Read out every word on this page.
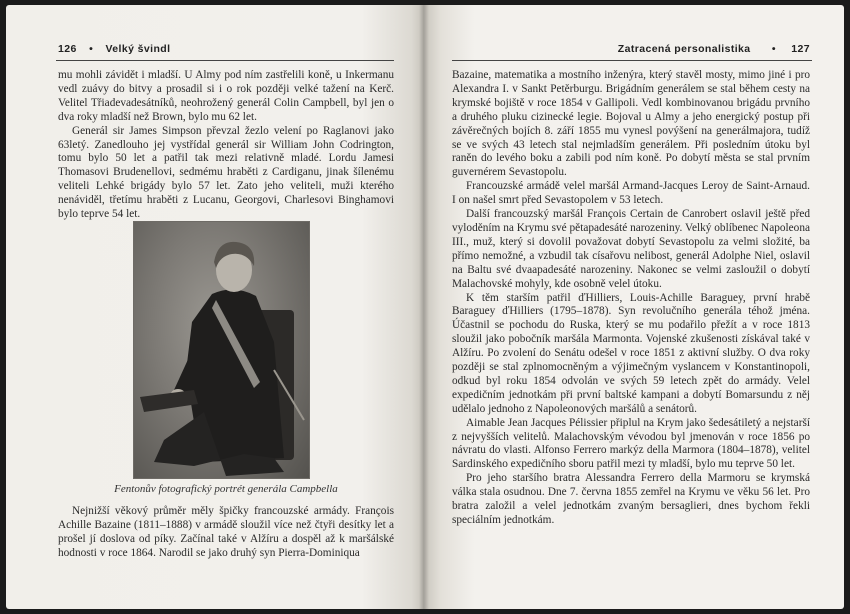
126 • Velký švindl

mu mohli závidět i mladší. U Almy pod ním zastřelili koně, u Inkermanu vedl zuávy do bitvy a prosadil si i o rok později velké tažení na Kerč. Velitel Třiadevadesátníků, neohrožený generál Colin Campbell, byl jen o dva roky mladší než Brown, bylo mu 62 let.

Generál sir James Simpson převzal žezlo velení po Raglanovi jako 63letý. Zanedlouho jej vystřídal generál sir William John Codrington, tomu bylo 50 let a patřil tak mezi relativně mladé. Lordu Jamesi Thomasovi Brudenellovi, sedmému hraběti z Cardiganu, jinak šílenému veliteli Lehké brigády bylo 57 let. Zato jeho veliteli, muži kterého nenáviděl, třetímu hraběti z Lucanu, Georgovi, Charlesovi Binghamovi bylo teprve 54 let.

Fentonův fotografický portrét generála Campbella

Nejnižší věkový průměr měly špičky francouzské armády. François Achille Bazaine (1811–1888) v armádě sloužil více než čtyři desítky let a prošel jí doslova od píky. Začínal také v Alžíru a dospěl až k maršálské hodnosti v roce 1864. Narodil se jako druhý syn Pierra-Dominiqua

Zatracená personalistika • 127

Bazaine, matematika a mostního inženýra, který stavěl mosty, mimo jiné i pro Alexandra I. v Sankt Petěrburgu. Brigádním generálem se stal během cesty na krymské bojiště v roce 1854 v Gallipoli. Vedl kombinovanou brigádu prvního a druhého pluku cizinecké legie. Bojoval u Almy a jeho energický postup při závěrečných bojích 8. září 1855 mu vynesl povýšení na generálmajora, tudíž se ve svých 43 letech stal nejmladším generálem. Při posledním útoku byl raněn do levého boku a zabili pod ním koně. Po dobytí města se stal prvním guvernérem Sevastopolu.

Francouzské armádě velel maršál Armand-Jacques Leroy de Saint-Arnaud. I on našel smrt před Sevastopolem v 53 letech.

Další francouzský maršál François Certain de Canrobert oslavil ještě před vyloděním na Krymu své pětapadesáté narozeniny. Velký oblíbenec Napoleona III., muž, který si dovolil považovat dobytí Sevastopolu za velmi složité, ba přímo nemožné, a vzbudil tak císařovu nelibost, generál Adolphe Niel, oslavil na Baltu své dvaapadesáté narozeniny. Nakonec se velmi zasloužil o dobytí Malachovské mohyly, kde osobně velel útoku.

K těm starším patřil ďHilliers, Louis-Achille Baraguey, první hrabě Baraguey ďHilliers (1795–1878). Syn revolučního generála téhož jména. Účastnil se pochodu do Ruska, který se mu podařilo přežít a v roce 1813 sloužil jako pobočník maršála Marmonta. Vojenské zkušenosti získával také v Alžíru. Po zvolení do Senátu odešel v roce 1851 z aktivní služby. O dva roky později se stal zplnomocněným a výjimečným vyslancem v Konstantinopoli, odkud byl roku 1854 odvolán ve svých 59 letech zpět do armády. Velel expedičním jednotkám při první baltské kampani a dobytí Bomarsundu z něj udělalo jednoho z Napoleonových maršálů a senátorů.

Aimable Jean Jacques Pélissier připlul na Krym jako šedesátiletý a nejstarší z nejvyšších velitelů. Malachovským vévodou byl jmenován v roce 1856 po návratu do vlasti. Alfonso Ferrero markýz della Marmora (1804–1878), velitel Sardinského expedičního sboru patřil mezi ty mladší, bylo mu teprve 50 let.

Pro jeho staršího bratra Alessandra Ferrero della Marmoru se krymská válka stala osudnou. Dne 7. června 1855 zemřel na Krymu ve věku 56 let. Pro bratra založil a velel jednotkám zvaným bersaglieri, dnes bychom řekli speciálním jednotkám.
